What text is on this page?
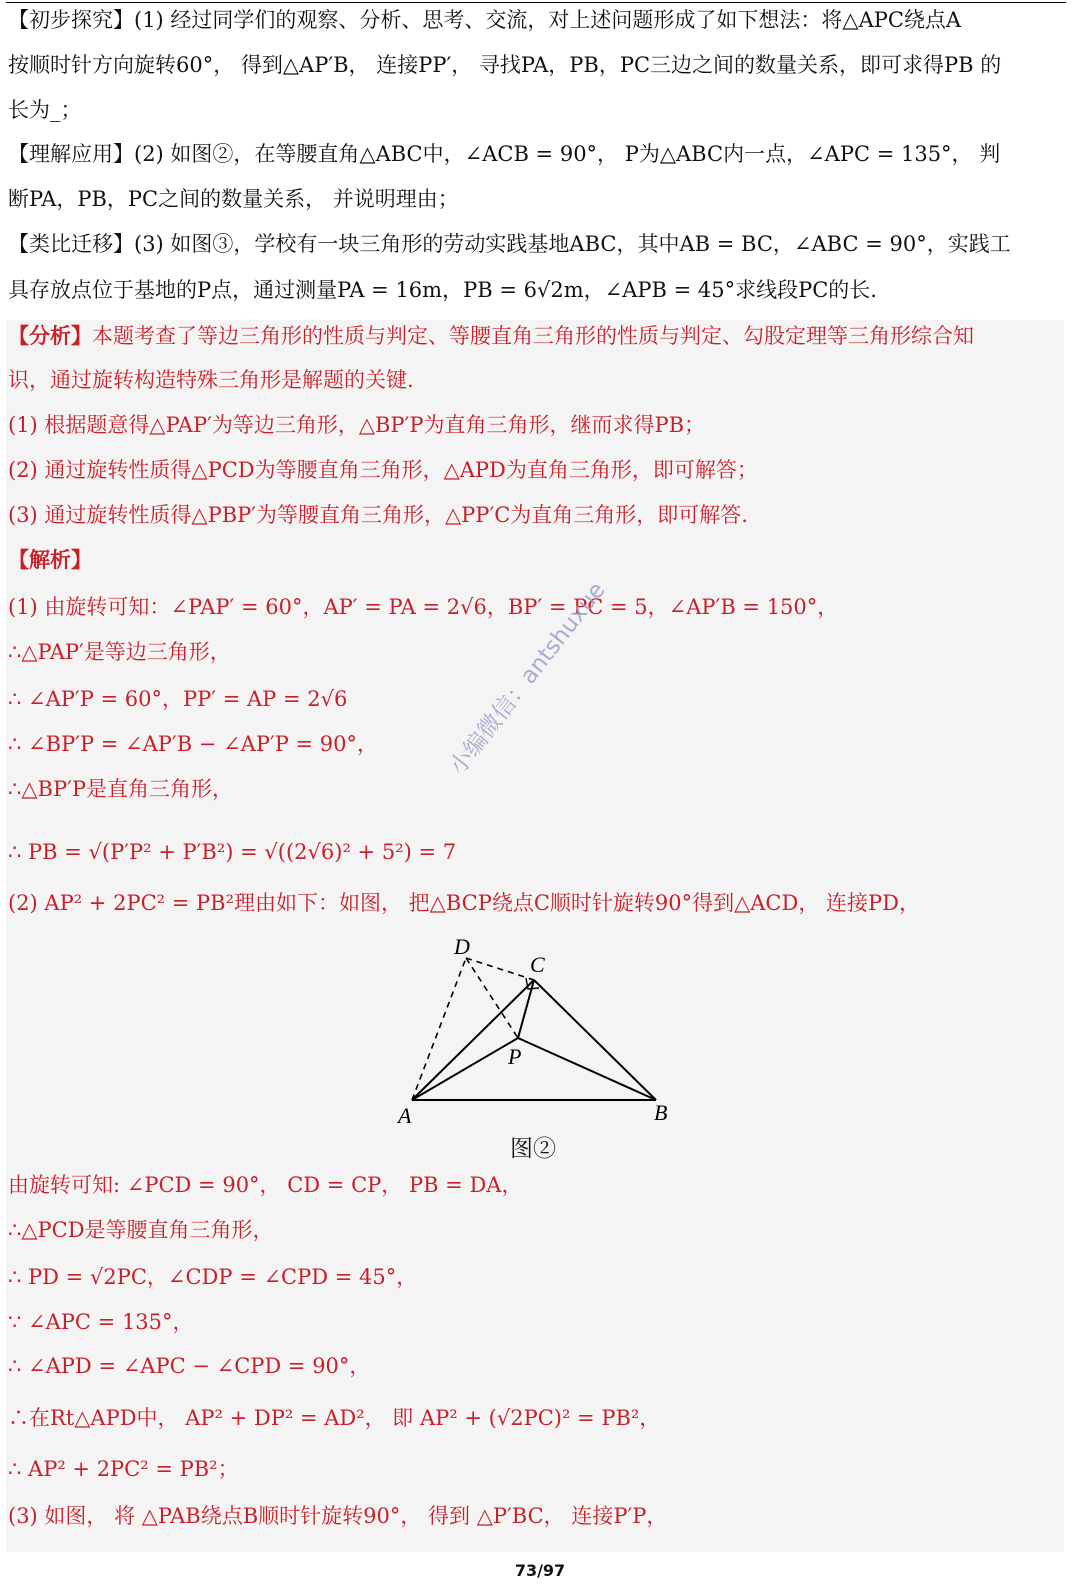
【初步探究】(1) 经过同学们的观察、分析、思考、交流，对上述问题形成了如下想法：将△APC绕点A
按顺时针方向旋转60°， 得到△AP′B， 连接PP′， 寻找PA，PB，PC三边之间的数量关系，即可求得PB 的
长为_；
【理解应用】(2) 如图②，在等腰直角△ABC中，∠ACB = 90°， P为△ABC内一点，∠APC = 135°， 判
断PA，PB，PC之间的数量关系， 并说明理由；
【类比迁移】(3) 如图③，学校有一块三角形的劳动实践基地ABC，其中AB = BC，∠ABC = 90°，实践工
具存放点位于基地的P点，通过测量PA = 16m，PB = 6√2m，∠APB = 45°求线段PC的长.
【分析】本题考查了等边三角形的性质与判定、等腰直角三角形的性质与判定、勾股定理等三角形综合知
识，通过旋转构造特殊三角形是解题的关键.
(1) 根据题意得△PAP′为等边三角形，△BP′P为直角三角形，继而求得PB；
(2) 通过旋转性质得△PCD为等腰直角三角形，△APD为直角三角形，即可解答；
(3) 通过旋转性质得△PBP′为等腰直角三角形，△PP′C为直角三角形，即可解答.
【解析】
(1) 由旋转可知：∠PAP′ = 60°，AP′ = PA = 2√6，BP′ = PC = 5，∠AP′B = 150°，
∴△PAP′是等边三角形，
∴ ∠AP′P = 60°，PP′ = AP = 2√6
∴ ∠BP′P = ∠AP′B − ∠AP′P = 90°，
∴△BP′P是直角三角形，
∴ PB = √(P′P² + P′B²) = √((2√6)² + 5²) = 7
(2) AP² + 2PC² = PB²理由如下：如图， 把△BCP绕点C顺时针旋转90°得到△ACD， 连接PD，
D
C
P
A	B
图②
由旋转可知: ∠PCD = 90°， CD = CP， PB = DA，
∴△PCD是等腰直角三角形，
∴ PD = √2PC，∠CDP = ∠CPD = 45°，
∵ ∠APC = 135°，
∴ ∠APD = ∠APC − ∠CPD = 90°，
∴在Rt△APD中， AP² + DP² = AD²， 即 AP² + (√2PC)² = PB²，
∴ AP² + 2PC² = PB²；
(3) 如图， 将 △PAB绕点B顺时针旋转90°， 得到 △P′BC， 连接P′P，
小编微信：antshuxue
73/97
